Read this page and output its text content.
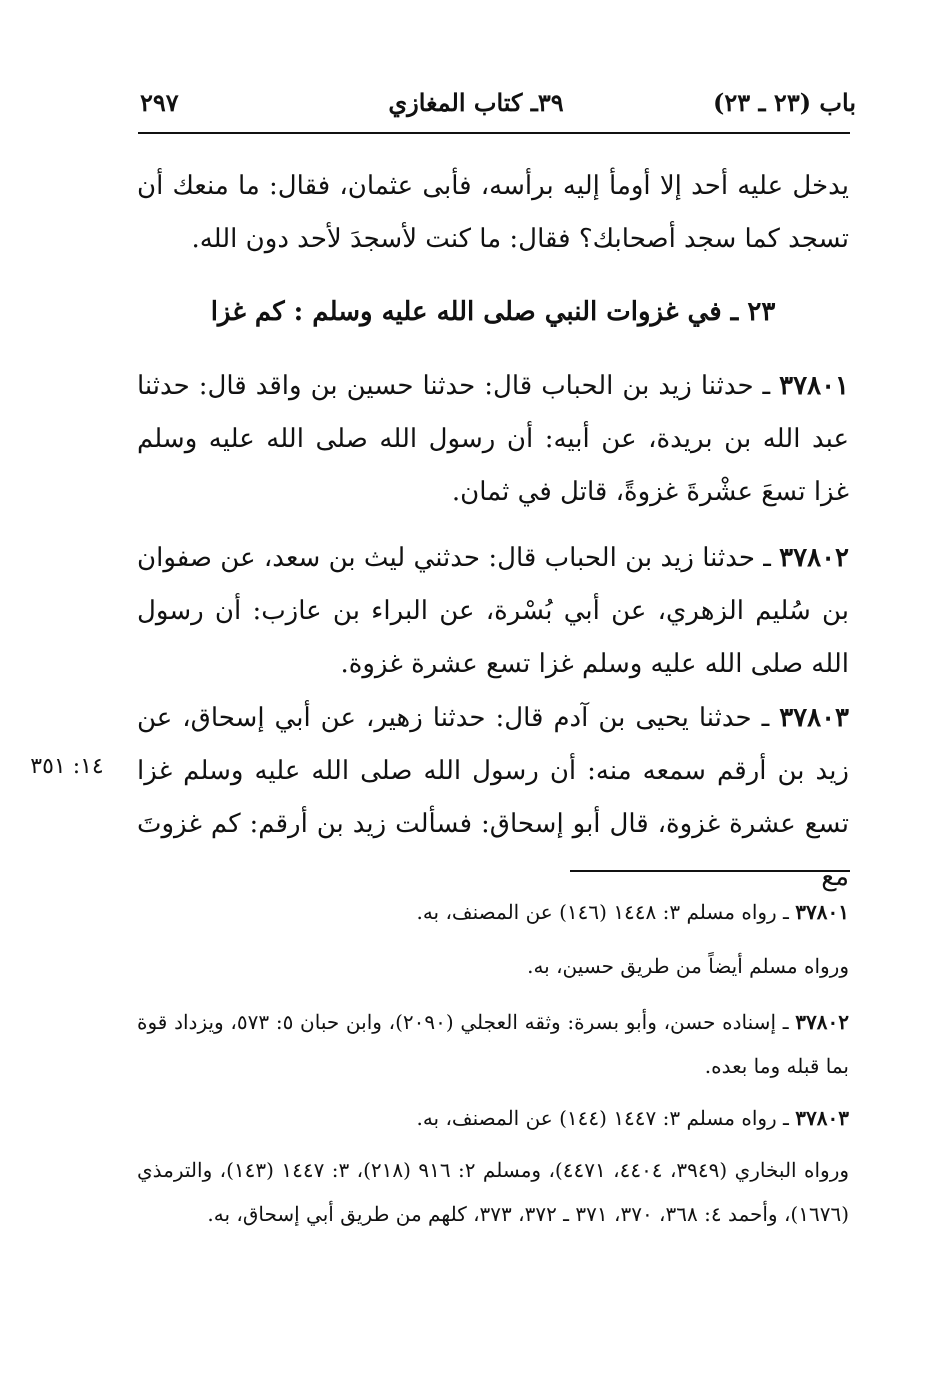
باب (٢٣ ـ ٢٣)
٣٩ـ كتاب المغازي
٢٩٧
يدخل عليه أحد إلا أومأ إليه برأسه، فأبى عثمان، فقال: ما منعك أن تسجد كما سجد أصحابك؟ فقال: ما كنت لأسجدَ لأحد دون الله.
٢٣ ـ في غزوات النبي صلى الله عليه وسلم : كم غزا
٣٧٨٠١ ـ حدثنا زيد بن الحباب قال: حدثنا حسين بن واقد قال: حدثنا عبد الله بن بريدة، عن أبيه: أن رسول الله صلى الله عليه وسلم غزا تسعَ عشْرةَ غزوةً، قاتل في ثمان.
٣٧٨٠٢ ـ حدثنا زيد بن الحباب قال: حدثني ليث بن سعد، عن صفوان بن سُليم الزهري، عن أبي بُسْرة، عن البراء بن عازب: أن رسول الله صلى الله عليه وسلم غزا تسع عشرة غزوة.
٣٧٨٠٣ ـ حدثنا يحيى بن آدم قال: حدثنا زهير، عن أبي إسحاق، عن زيد بن أرقم سمعه منه: أن رسول الله صلى الله عليه وسلم غزا تسع عشرة غزوة، قال أبو إسحاق: فسألت زيد بن أرقم: كم غزوتَ مع
١٤: ٣٥١
٣٧٨٠١ ـ رواه مسلم ٣: ١٤٤٨ (١٤٦) عن المصنف، به.
ورواه مسلم أيضاً من طريق حسين، به.
٣٧٨٠٢ ـ إسناده حسن، وأبو بسرة: وثقه العجلي (٢٠٩٠)، وابن حبان ٥: ٥٧٣، ويزداد قوة بما قبله وما بعده.
٣٧٨٠٣ ـ رواه مسلم ٣: ١٤٤٧ (١٤٤) عن المصنف، به.
ورواه البخاري (٣٩٤٩، ٤٤٠٤، ٤٤٧١)، ومسلم ٢: ٩١٦ (٢١٨)، ٣: ١٤٤٧ (١٤٣)، والترمذي (١٦٧٦)، وأحمد ٤: ٣٦٨، ٣٧٠، ٣٧١ ـ ٣٧٢، ٣٧٣، كلهم من طريق أبي إسحاق، به.
